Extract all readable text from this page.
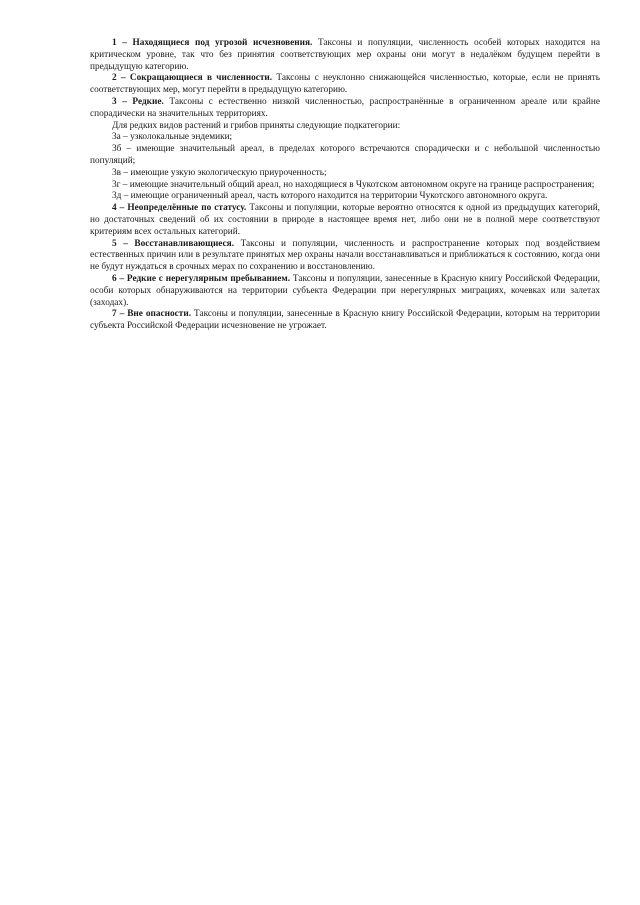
1 – Находящиеся под угрозой исчезновения. Таксоны и популяции, численность особей которых находится на критическом уровне, так что без принятия соответствующих мер охраны они могут в недалёком будущем перейти в предыдущую категорию.

2 – Сокращающиеся в численности. Таксоны с неуклонно снижающейся численностью, которые, если не принять соответствующих мер, могут перейти в предыдущую категорию.

3 – Редкие. Таксоны с естественно низкой численностью, распространённые в ограниченном ареале или крайне спорадически на значительных территориях.

Для редких видов растений и грибов приняты следующие подкатегории:

3а – узколокальные эндемики;

3б – имеющие значительный ареал, в пределах которого встречаются спорадически и с небольшой численностью популяций;

3в – имеющие узкую экологическую приуроченность;

3г – имеющие значительный общий ареал, но находящиеся в Чукотском автономном округе на границе распространения;

3д – имеющие ограниченный ареал, часть которого находится на территории Чукотского автономного округа.

4 – Неопределённые по статусу. Таксоны и популяции, которые вероятно относятся к одной из предыдущих категорий, но достаточных сведений об их состоянии в природе в настоящее время нет, либо они не в полной мере соответствуют критериям всех остальных категорий.

5 – Восстанавливающиеся. Таксоны и популяции, численность и распространение которых под воздействием естественных причин или в результате принятых мер охраны начали восстанавливаться и приближаться к состоянию, когда они не будут нуждаться в срочных мерах по сохранению и восстановлению.

6 – Редкие с нерегулярным пребыванием. Таксоны и популяции, занесенные в Красную книгу Российской Федерации, особи которых обнаруживаются на территории субъекта Федерации при нерегулярных миграциях, кочевках или залетах (заходах).

7 – Вне опасности. Таксоны и популяции, занесенные в Красную книгу Российской Федерации, которым на территории субъекта Российской Федерации исчезновение не угрожает.
